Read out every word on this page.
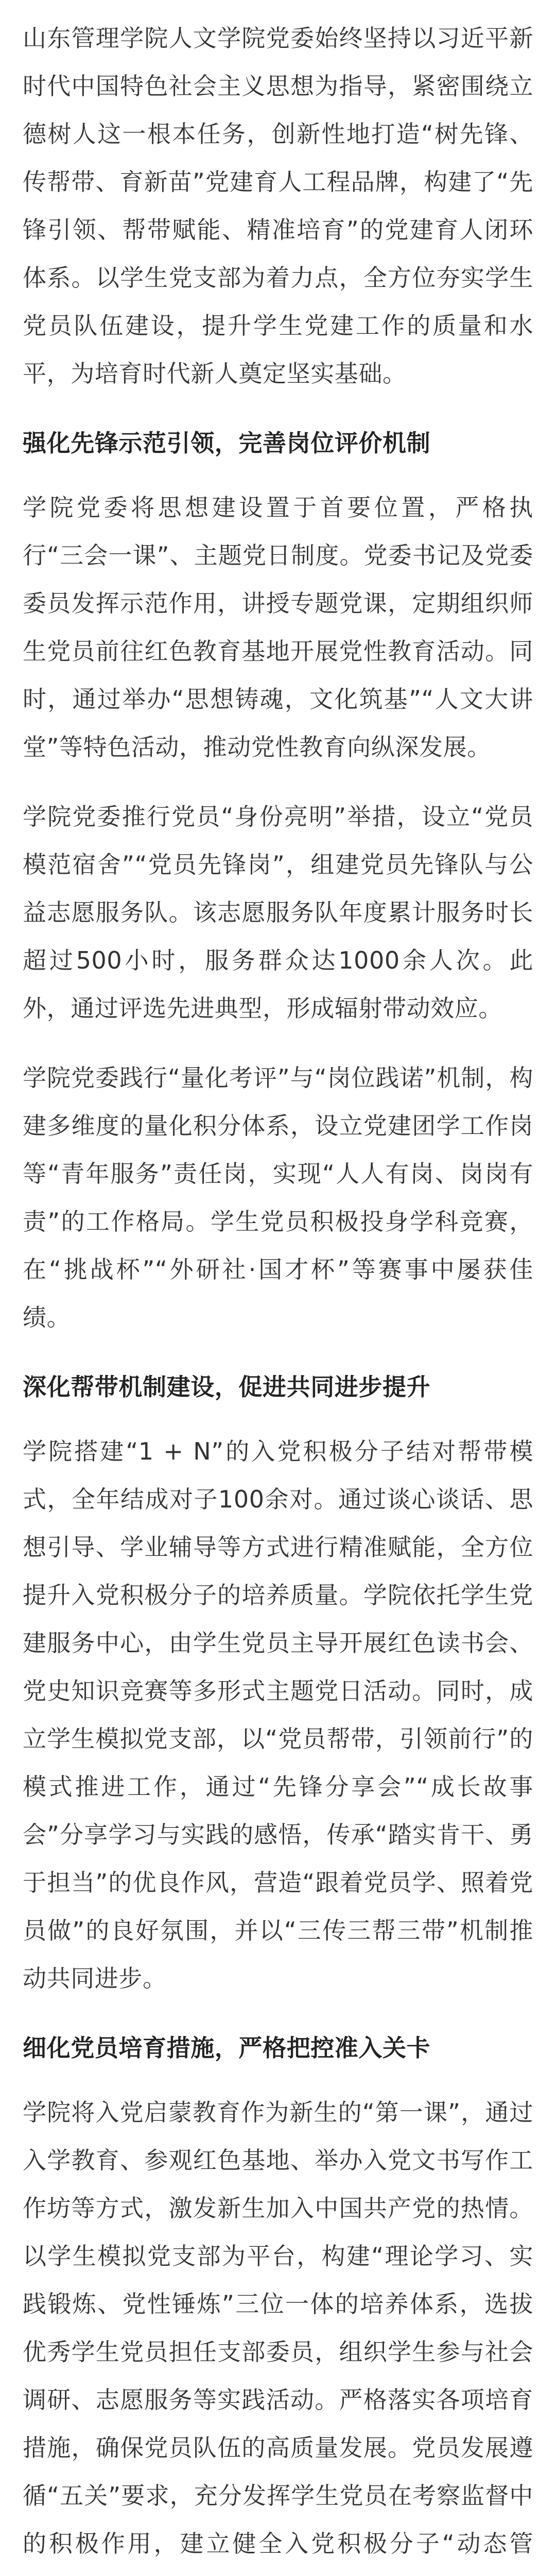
山东管理学院人文学院党委始终坚持以习近平新时代中国特色社会主义思想为指导，紧密围绕立德树人这一根本任务，创新性地打造“树先锋、传帮带、育新苗”党建育人工程品牌，构建了“先锋引领、帮带赋能、精准培育”的党建育人闭环体系。以学生党支部为着力点，全方位夯实学生党员队伍建设，提升学生党建工作的质量和水平，为培育时代新人奠定坚实基础。

强化先锋示范引领，完善岗位评价机制

学院党委将思想建设置于首要位置，严格执行“三会一课”、主题党日制度。党委书记及党委委员发挥示范作用，讲授专题党课，定期组织师生党员前往红色教育基地开展党性教育活动。同时，通过举办“思想铸魂，文化筑基”“人文大讲堂”等特色活动，推动党性教育向纵深发展。

学院党委推行党员“身份亮明”举措，设立“党员模范宿舍”“党员先锋岗”，组建党员先锋队与公益志愿服务队。该志愿服务队年度累计服务时长超过500小时，服务群众达1000余人次。此外，通过评选先进典型，形成辐射带动效应。

学院党委践行“量化考评”与“岗位践诺”机制，构建多维度的量化积分体系，设立党建团学工作岗等“青年服务”责任岗，实现“人人有岗、岗岗有责”的工作格局。学生党员积极投身学科竞赛，在“挑战杯”“外研社·国才杯”等赛事中屡获佳绩。

深化帮带机制建设，促进共同进步提升

学院搭建“1 + N”的入党积极分子结对帮带模式，全年结成对子100余对。通过谈心谈话、思想引导、学业辅导等方式进行精准赋能，全方位提升入党积极分子的培养质量。学院依托学生党建服务中心，由学生党员主导开展红色读书会、党史知识竞赛等多形式主题党日活动。同时，成立学生模拟党支部，以“党员帮带，引领前行”的模式推进工作，通过“先锋分享会”“成长故事会”分享学习与实践的感悟，传承“踏实肯干、勇于担当”的优良作风，营造“跟着党员学、照着党员做”的良好氛围，并以“三传三帮三带”机制推动共同进步。

细化党员培育措施，严格把控准入关卡

学院将入党启蒙教育作为新生的“第一课”，通过入学教育、参观红色基地、举办入党文书写作工作坊等方式，激发新生加入中国共产党的热情。以学生模拟党支部为平台，构建“理论学习、实践锻炼、党性锤炼”三位一体的培养体系，选拔优秀学生党员担任支部委员，组织学生参与社会调研、志愿服务等实践活动。严格落实各项培育措施，确保党员队伍的高质量发展。党员发展遵循“五关”要求，充分发挥学生党员在考察监督中的积极作用，建立健全入党积极分子“动态管
